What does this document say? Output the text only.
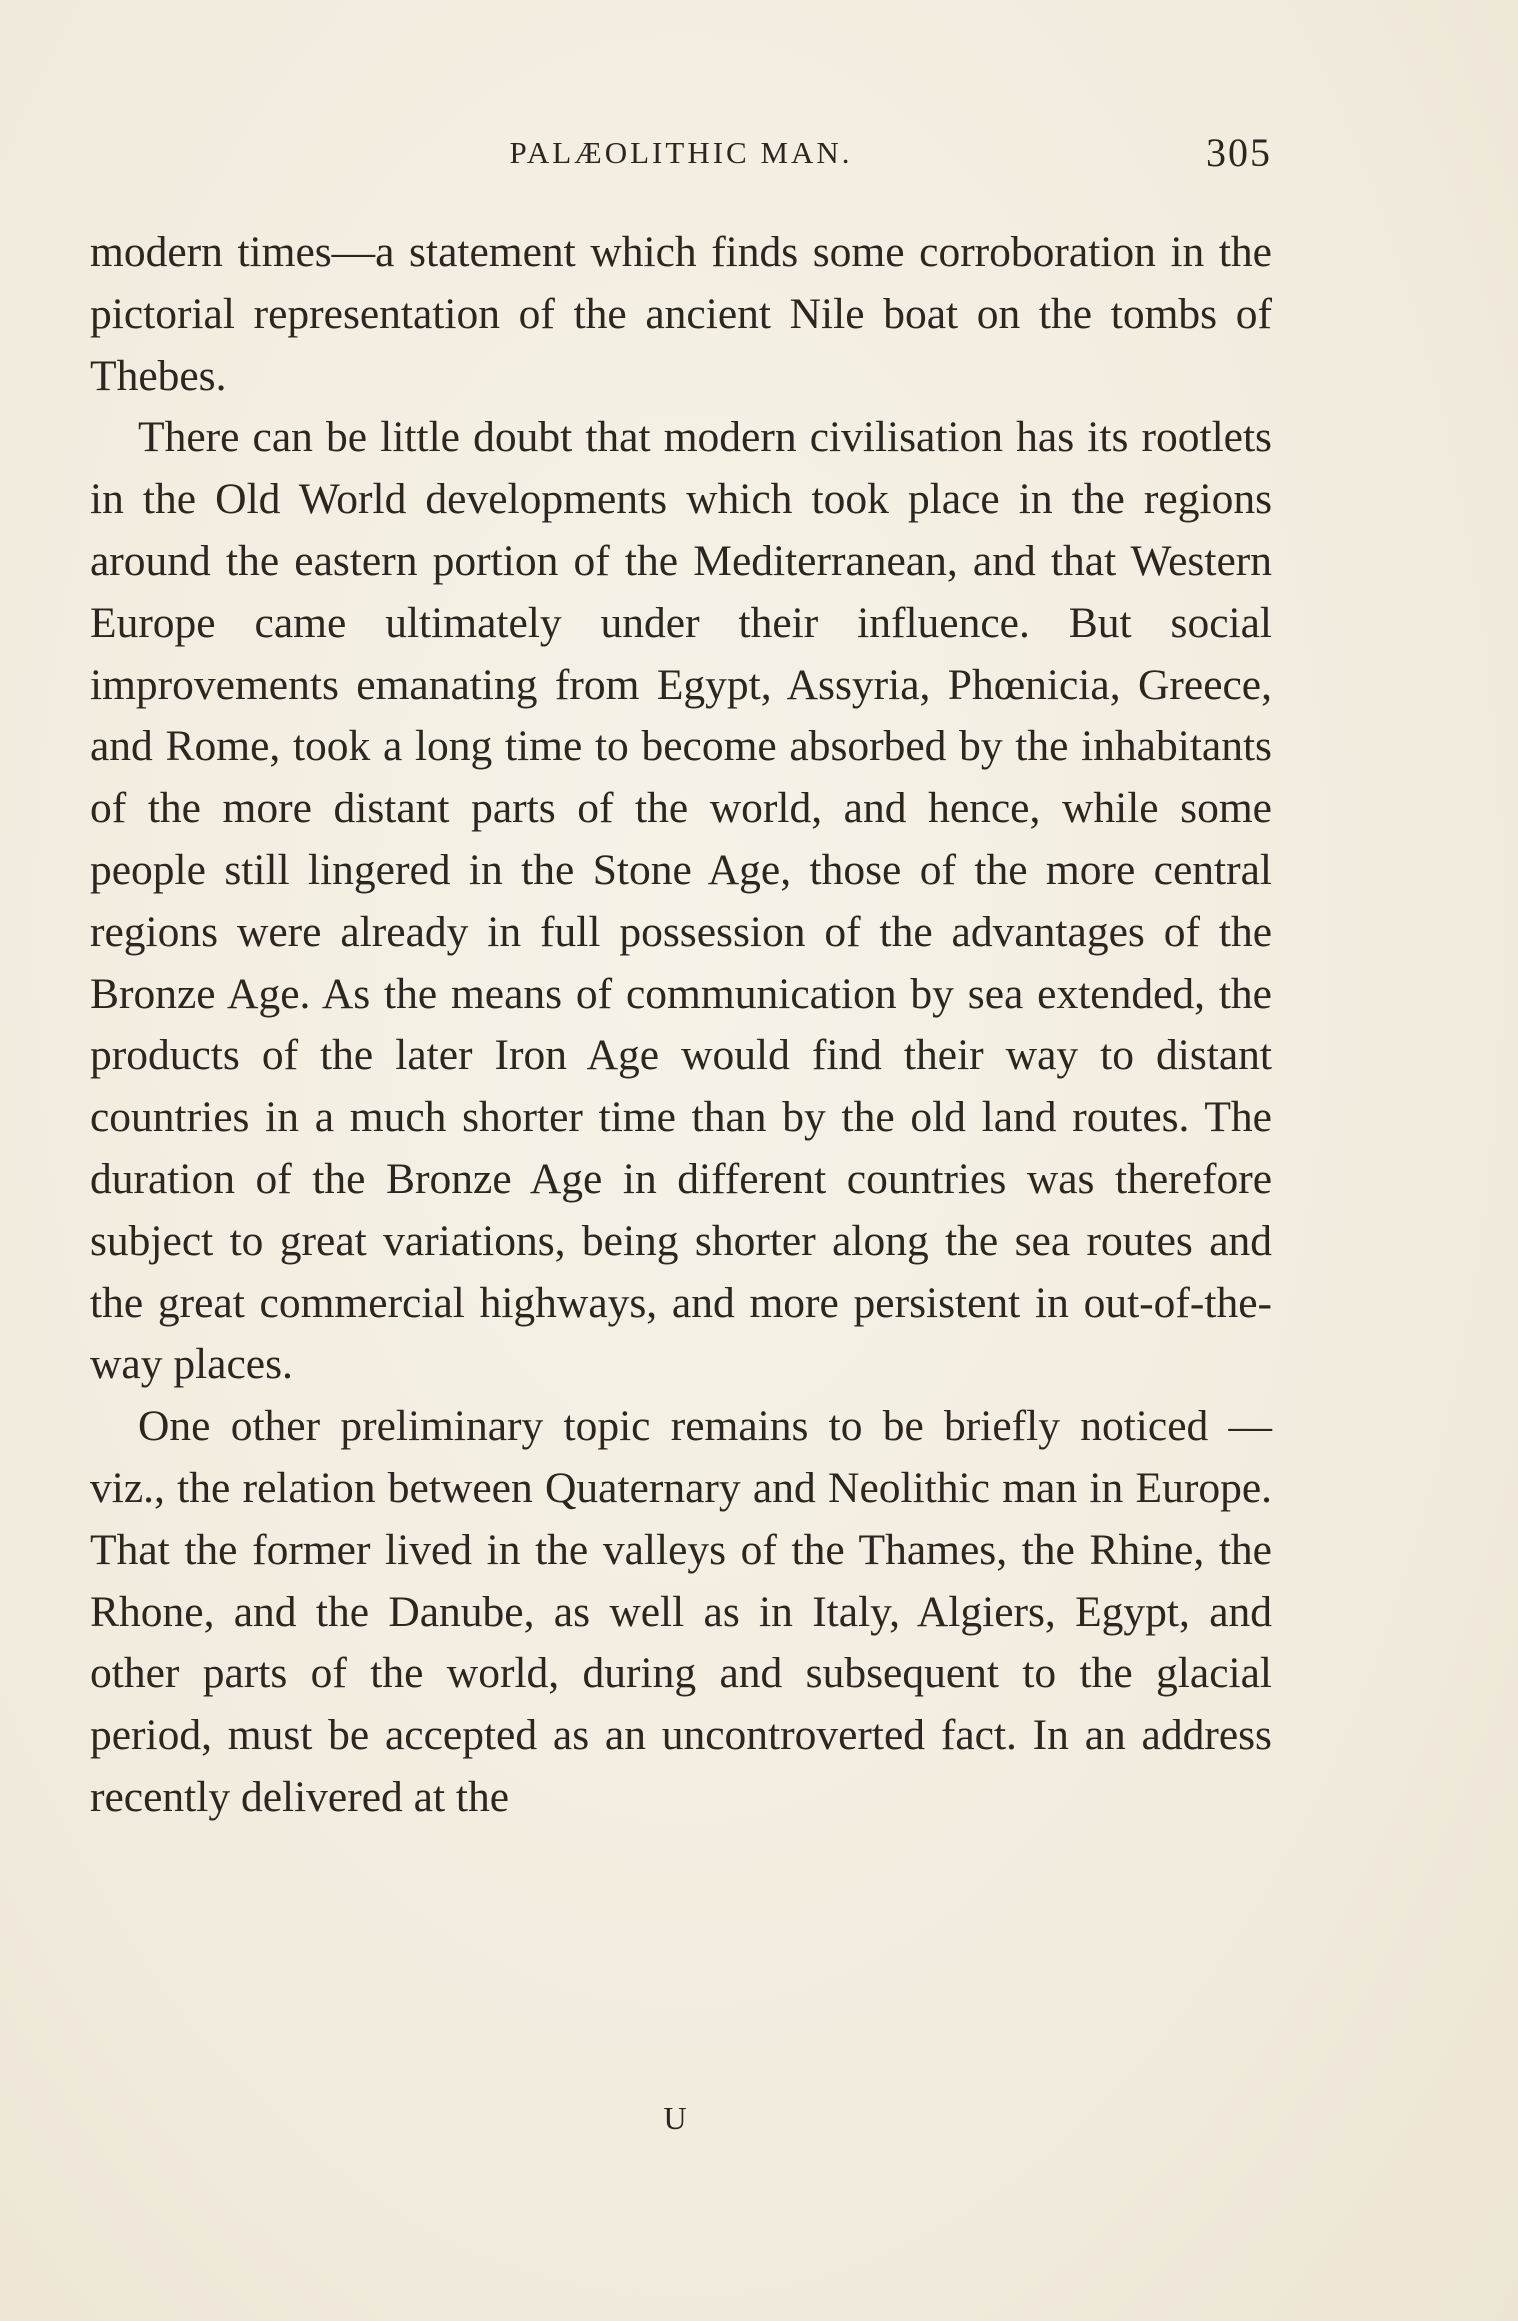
PALÆOLITHIC MAN.	305

modern times—a statement which finds some corroboration in the pictorial representation of the ancient Nile boat on the tombs of Thebes.

There can be little doubt that modern civilisation has its rootlets in the Old World developments which took place in the regions around the eastern portion of the Mediterranean, and that Western Europe came ultimately under their influence. But social improvements emanating from Egypt, Assyria, Phœnicia, Greece, and Rome, took a long time to become absorbed by the inhabitants of the more distant parts of the world, and hence, while some people still lingered in the Stone Age, those of the more central regions were already in full possession of the advantages of the Bronze Age. As the means of communication by sea extended, the products of the later Iron Age would find their way to distant countries in a much shorter time than by the old land routes. The duration of the Bronze Age in different countries was therefore subject to great variations, being shorter along the sea routes and the great commercial highways, and more persistent in out-of-the-way places.

One other preliminary topic remains to be briefly noticed — viz., the relation between Quaternary and Neolithic man in Europe. That the former lived in the valleys of the Thames, the Rhine, the Rhone, and the Danube, as well as in Italy, Algiers, Egypt, and other parts of the world, during and subsequent to the glacial period, must be accepted as an uncontroverted fact. In an address recently delivered at the

U
